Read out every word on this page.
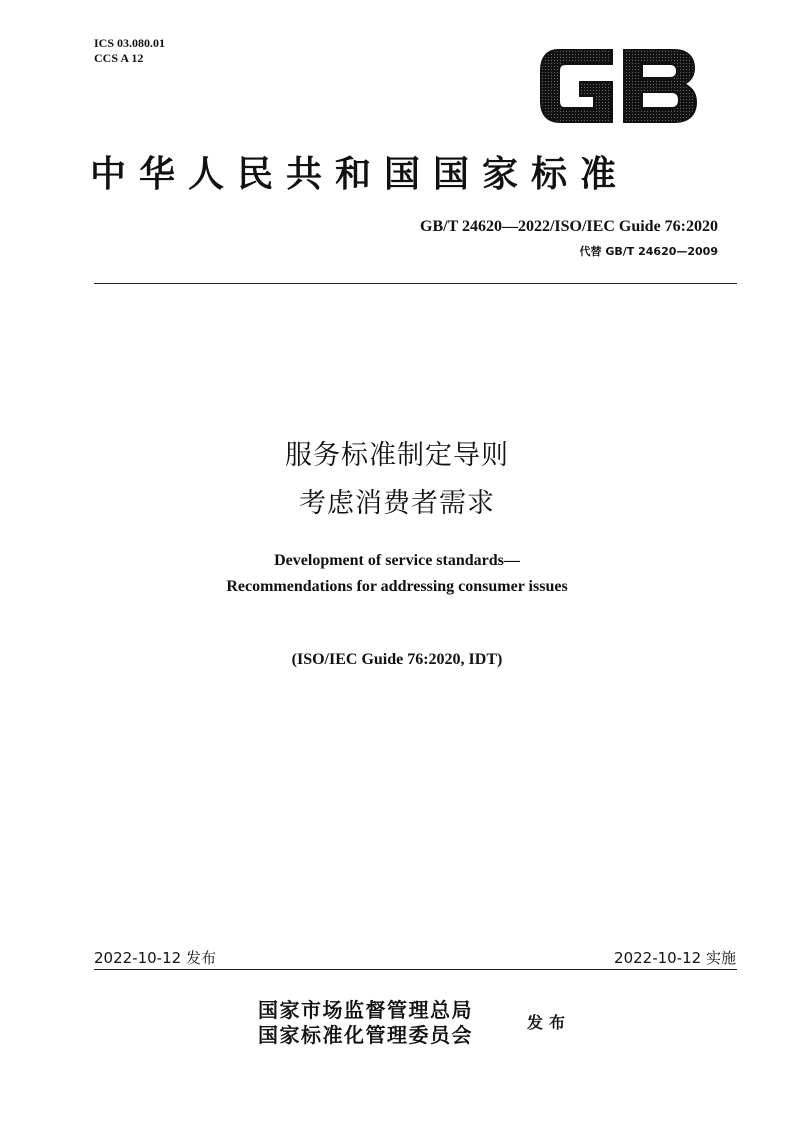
ICS 03.080.01
CCS A 12
中华人民共和国国家标准
GB/T 24620—2022/ISO/IEC Guide 76:2020
代替 GB/T 24620—2009
服务标准制定导则
考虑消费者需求
Development of service standards—
Recommendations for addressing consumer issues
(ISO/IEC Guide 76:2020, IDT)
2022-10-12 发布	2022-10-12 实施
国家市场监督管理总局
国家标准化管理委员会
发布
